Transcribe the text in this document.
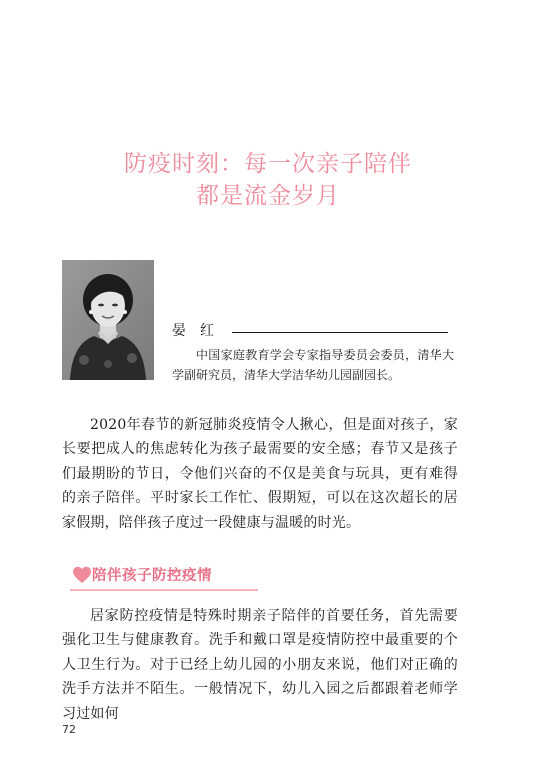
防疫时刻：每一次亲子陪伴
都是流金岁月
晏红

中国家庭教育学会专家指导委员会委员，清华大学副研究员，清华大学洁华幼儿园副园长。

2020年春节的新冠肺炎疫情令人揪心，但是面对孩子，家长要把成人的焦虑转化为孩子最需要的安全感；春节又是孩子们最期盼的节日，令他们兴奋的不仅是美食与玩具，更有难得的亲子陪伴。平时家长工作忙、假期短，可以在这次超长的居家假期，陪伴孩子度过一段健康与温暖的时光。

陪伴孩子防控疫情

居家防控疫情是特殊时期亲子陪伴的首要任务，首先需要强化卫生与健康教育。洗手和戴口罩是疫情防控中最重要的个人卫生行为。对于已经上幼儿园的小朋友来说，他们对正确的洗手方法并不陌生。一般情况下，幼儿入园之后都跟着老师学习过如何

72
